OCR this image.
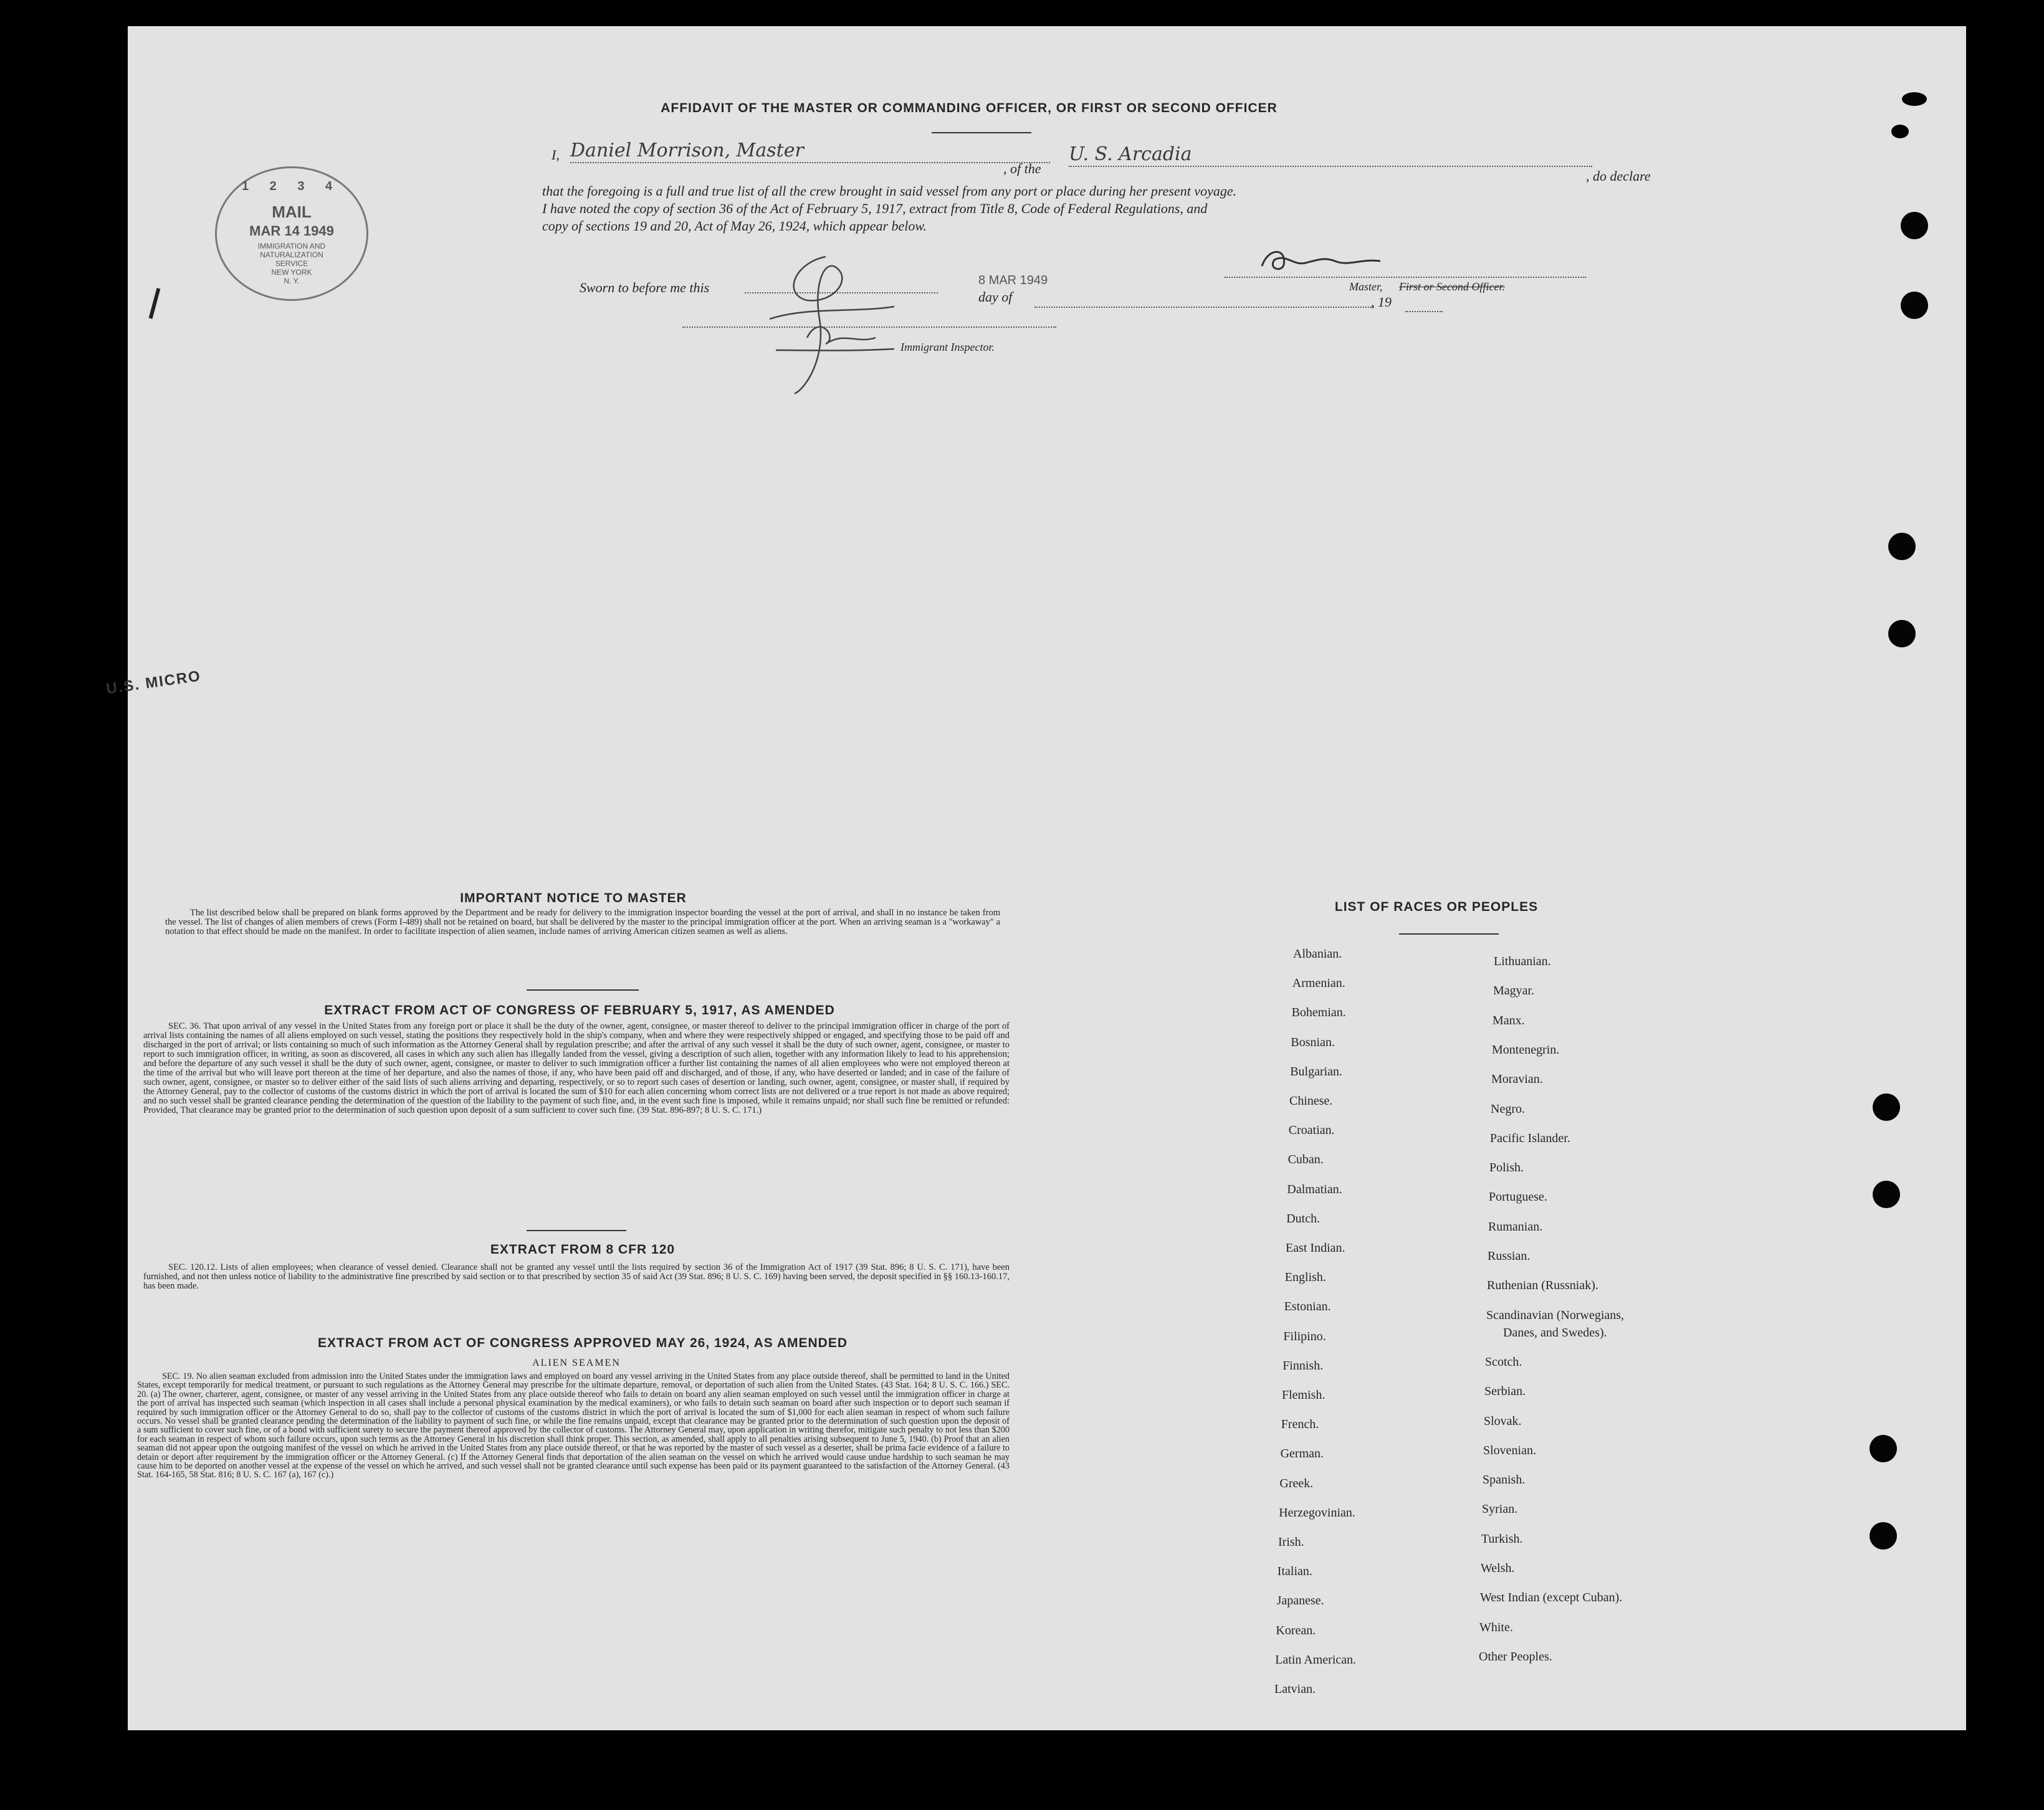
AFFIDAVIT OF THE MASTER OR COMMANDING OFFICER, OR FIRST OR SECOND OFFICER
I, Daniel Morrison, Master
, of the
U. S. Arcadia
, do declare
that the foregoing is a full and true list of all the crew brought in said vessel from any port or place during her present voyage.
I have noted the copy of section 36 of the Act of February 5, 1917, extract from Title 8, Code of Federal Regulations, and
copy of sections 19 and 20, Act of May 26, 1924, which appear below.
1 2 3 4
MAIL
MAR 14 1949
IMMIGRATION AND
NATURALIZATION
SERVICE
NEW YORK
N. Y.	Sworn to before me this	8 MAR 1949
day of	, 19
Master, First or Second Officer.
Immigrant Inspector.
U.S. MICRO
IMPORTANT NOTICE TO MASTER
The list described below shall be prepared on blank forms approved by the Department and be ready for delivery to the immigration inspector boarding the vessel at the port of arrival, and shall in no instance be taken from the vessel. The list of changes of alien members of crews (Form I-489) shall not be retained on board, but shall be delivered by the master to the principal immigration officer at the port. When an arriving seaman is a "workaway" a notation to that effect should be made on the manifest. In order to facilitate inspection of alien seamen, include names of arriving American citizen seamen as well as aliens.
EXTRACT FROM ACT OF CONGRESS OF FEBRUARY 5, 1917, AS AMENDED
SEC. 36. That upon arrival of any vessel in the United States from any foreign port or place it shall be the duty of the owner, agent, consignee, or master thereof to deliver to the principal immigration officer in charge of the port of arrival lists containing the names of all aliens employed on such vessel, stating the positions they respectively hold in the ship's company, when and where they were respectively shipped or engaged, and specifying those to be paid off and discharged in the port of arrival; or lists containing so much of such information as the Attorney General shall by regulation prescribe; and after the arrival of any such vessel it shall be the duty of such owner, agent, consignee, or master to report to such immigration officer, in writing, as soon as discovered, all cases in which any such alien has illegally landed from the vessel, giving a description of such alien, together with any information likely to lead to his apprehension; and before the departure of any such vessel it shall be the duty of such owner, agent, consignee, or master to deliver to such immigration officer a further list containing the names of all alien employees who were not employed thereon at the time of the arrival but who will leave port thereon at the time of her departure, and also the names of those, if any, who have been paid off and discharged, and of those, if any, who have deserted or landed; and in case of the failure of such owner, agent, consignee, or master so to deliver either of the said lists of such aliens arriving and departing, respectively, or so to report such cases of desertion or landing, such owner, agent, consignee, or master shall, if required by the Attorney General, pay to the collector of customs of the customs district in which the port of arrival is located the sum of $10 for each alien concerning whom correct lists are not delivered or a true report is not made as above required; and no such vessel shall be granted clearance pending the determination of the question of the liability to the payment of such fine, and, in the event such fine is imposed, while it remains unpaid; nor shall such fine be remitted or refunded: Provided, That clearance may be granted prior to the determination of such question upon deposit of a sum sufficient to cover such fine. (39 Stat. 896-897; 8 U. S. C. 171.)
EXTRACT FROM 8 CFR 120
SEC. 120.12. Lists of alien employees; when clearance of vessel denied. Clearance shall not be granted any vessel until the lists required by section 36 of the Immigration Act of 1917 (39 Stat. 896; 8 U. S. C. 171), have been furnished, and not then unless notice of liability to the administrative fine prescribed by said section or to that prescribed by section 35 of said Act (39 Stat. 896; 8 U. S. C. 169) having been served, the deposit specified in §§ 160.13-160.17, has been made.
EXTRACT FROM ACT OF CONGRESS APPROVED MAY 26, 1924, AS AMENDED
ALIEN SEAMEN
SEC. 19. No alien seaman excluded from admission into the United States under the immigration laws and employed on board any vessel arriving in the United States from any place outside thereof, shall be permitted to land in the United States, except temporarily for medical treatment, or pursuant to such regulations as the Attorney General may prescribe for the ultimate departure, removal, or deportation of such alien from the United States. (43 Stat. 164; 8 U. S. C. 166.) SEC. 20. (a) The owner, charterer, agent, consignee, or master of any vessel arriving in the United States from any place outside thereof who fails to detain on board any alien seaman employed on such vessel until the immigration officer in charge at the port of arrival has inspected such seaman (which inspection in all cases shall include a personal physical examination by the medical examiners), or who fails to detain such seaman on board after such inspection or to deport such seaman if required by such immigration officer or the Attorney General to do so, shall pay to the collector of customs of the customs district in which the port of arrival is located the sum of $1,000 for each alien seaman in respect of whom such failure occurs. No vessel shall be granted clearance pending the determination of the liability to payment of such fine, or while the fine remains unpaid, except that clearance may be granted prior to the determination of such question upon the deposit of a sum sufficient to cover such fine, or of a bond with sufficient surety to secure the payment thereof approved by the collector of customs. The Attorney General may, upon application in writing therefor, mitigate such penalty to not less than $200 for each seaman in respect of whom such failure occurs, upon such terms as the Attorney General in his discretion shall think proper. This section, as amended, shall apply to all penalties arising subsequent to June 5, 1940. (b) Proof that an alien seaman did not appear upon the outgoing manifest of the vessel on which he arrived in the United States from any place outside thereof, or that he was reported by the master of such vessel as a deserter, shall be prima facie evidence of a failure to detain or deport after requirement by the immigration officer or the Attorney General. (c) If the Attorney General finds that deportation of the alien seaman on the vessel on which he arrived would cause undue hardship to such seaman he may cause him to be deported on another vessel at the expense of the vessel on which he arrived, and such vessel shall not be granted clearance until such expense has been paid or its payment guaranteed to the satisfaction of the Attorney General. (43 Stat. 164-165, 58 Stat. 816; 8 U. S. C. 167 (a), 167 (c).)
LIST OF RACES OR PEOPLES
Albanian.
Armenian.
Bohemian.
Bosnian.
Bulgarian.
Chinese.
Croatian.
Cuban.
Dalmatian.
Dutch.
East Indian.
English.
Estonian.
Filipino.
Finnish.
Flemish.
French.
German.
Greek.
Herzegovinian.
Irish.
Italian.
Japanese.
Korean.
Latin American.
Latvian.
Lithuanian.
Magyar.
Manx.
Montenegrin.
Moravian.
Negro.
Pacific Islander.
Polish.
Portuguese.
Rumanian.
Russian.
Ruthenian (Russniak).
Scandinavian (Norwegians,
Danes, and Swedes).
Scotch.
Serbian.
Slovak.
Slovenian.
Spanish.
Syrian.
Turkish.
Welsh.
West Indian (except Cuban).
White.
Other Peoples.
